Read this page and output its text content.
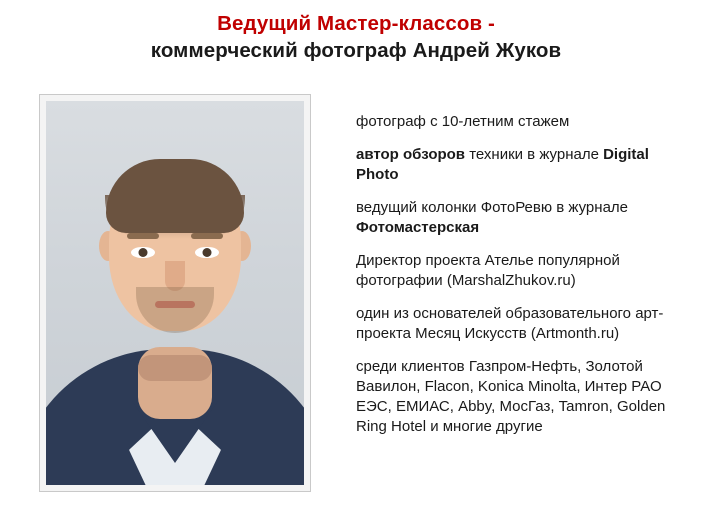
Ведущий Мастер-классов -
коммерческий фотограф Андрей Жуков
фотограф с 10-летним стажем
автор обзоров техники в журнале Digital Photo
ведущий колонки ФотоРевю в журнале Фотомастерская
Директор проекта Ателье популярной фотографии (MarshalZhukov.ru)
один из основателей образовательного арт-проекта Месяц Искусств (Artmonth.ru)
среди клиентов Газпром-Нефть, Золотой Вавилон, Flacon, Konica Minolta, Интер РАО ЕЭС, ЕМИАС, Abby, МосГаз, Tamron, Golden Ring Hotel и многие другие
